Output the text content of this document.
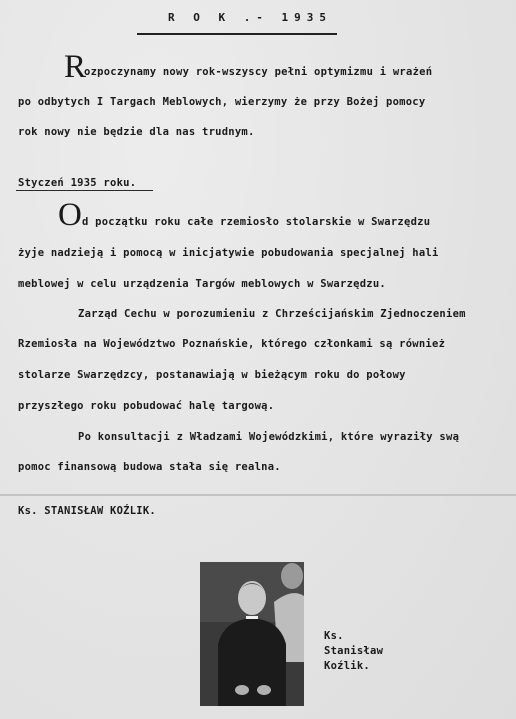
R O K .- 1935
R
ozpoczynamy nowy rok-wszyscy pełni optymizmu i wrażeń
po odbytych I Targach Meblowych, wierzymy że przy Bożej pomocy
rok nowy nie będzie dla nas trudnym.
Styczeń 1935 roku.
O d początku roku całe rzemiosło stolarskie w Swarzędzu
żyje nadzieją i pomocą w inicjatywie pobudowania specjalnej hali
meblowej w celu urządzenia Targów meblowych w Swarzędzu.
Zarząd Cechu w porozumieniu z Chrześcijańskim Zjednoczeniem
Rzemiosła na Województwo Poznańskie, którego członkami są również
stolarze Swarzędzcy, postanawiają w bieżącym roku do połowy
przyszłego roku pobudować halę targową.
Po konsultacji z Władzami Wojewódzkimi, które wyraziły swą
pomoc finansową budowa stała się realna.
Ks. STANISŁAW KOŹLIK.
Ks.
Stanisław
Koźlik.
